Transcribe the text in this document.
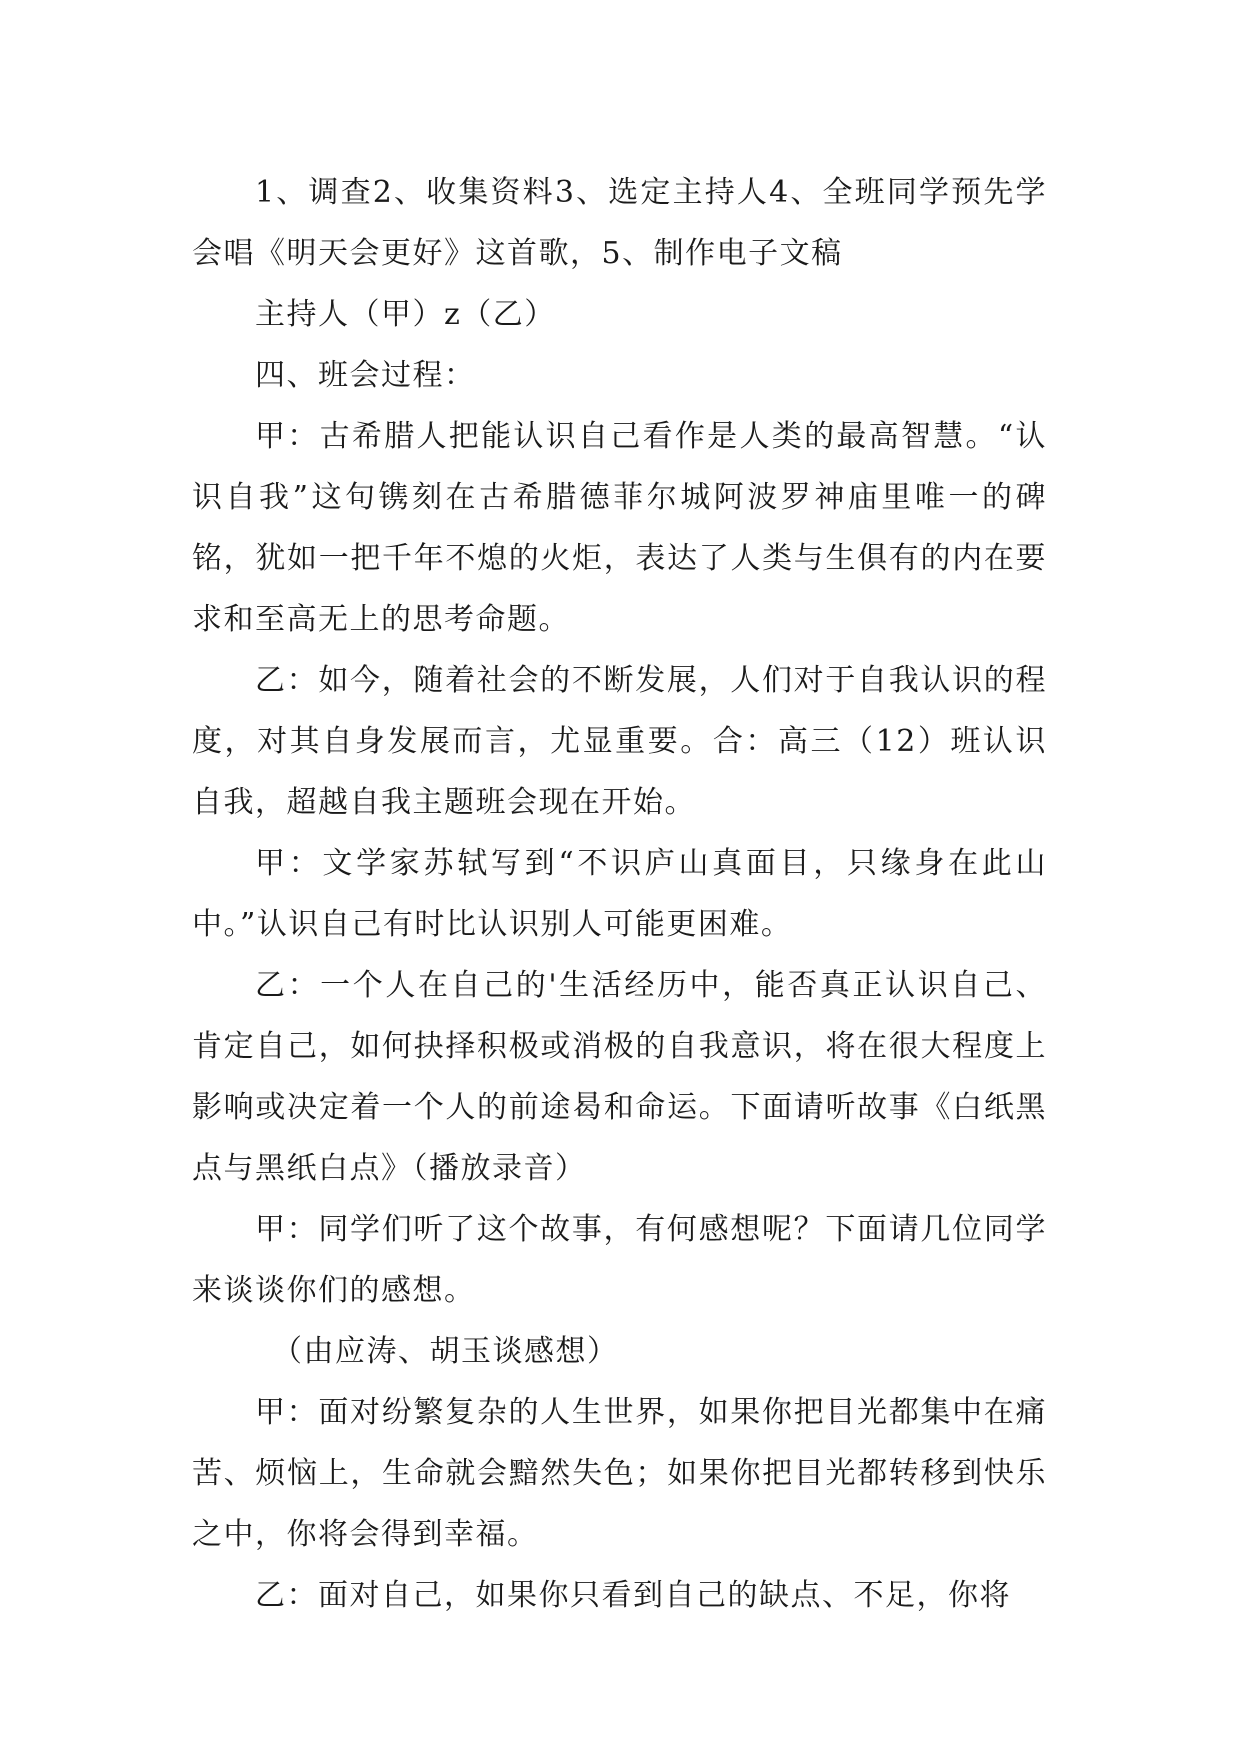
1、调查2、收集资料3、选定主持人4、全班同学预先学会唱《明天会更好》这首歌，5、制作电子文稿

主持人（甲）z（乙）

四、班会过程：

甲：古希腊人把能认识自己看作是人类的最高智慧。“认识自我”这句镌刻在古希腊德菲尔城阿波罗神庙里唯一的碑铭，犹如一把千年不熄的火炬，表达了人类与生俱有的内在要求和至高无上的思考命题。

乙：如今，随着社会的不断发展，人们对于自我认识的程度，对其自身发展而言，尤显重要。合：高三（12）班认识自我，超越自我主题班会现在开始。

甲：文学家苏轼写到“不识庐山真面目，只缘身在此山中。”认识自己有时比认识别人可能更困难。

乙：一个人在自己的'生活经历中，能否真正认识自己、肯定自己，如何抉择积极或消极的自我意识，将在很大程度上影响或决定着一个人的前途曷和命运。下面请听故事《白纸黑点与黑纸白点》（播放录音）

甲：同学们听了这个故事，有何感想呢？下面请几位同学来谈谈你们的感想。

（由应涛、胡玉谈感想）

甲：面对纷繁复杂的人生世界，如果你把目光都集中在痛苦、烦恼上，生命就会黯然失色；如果你把目光都转移到快乐之中，你将会得到幸福。

乙：面对自己，如果你只看到自己的缺点、不足，你将
